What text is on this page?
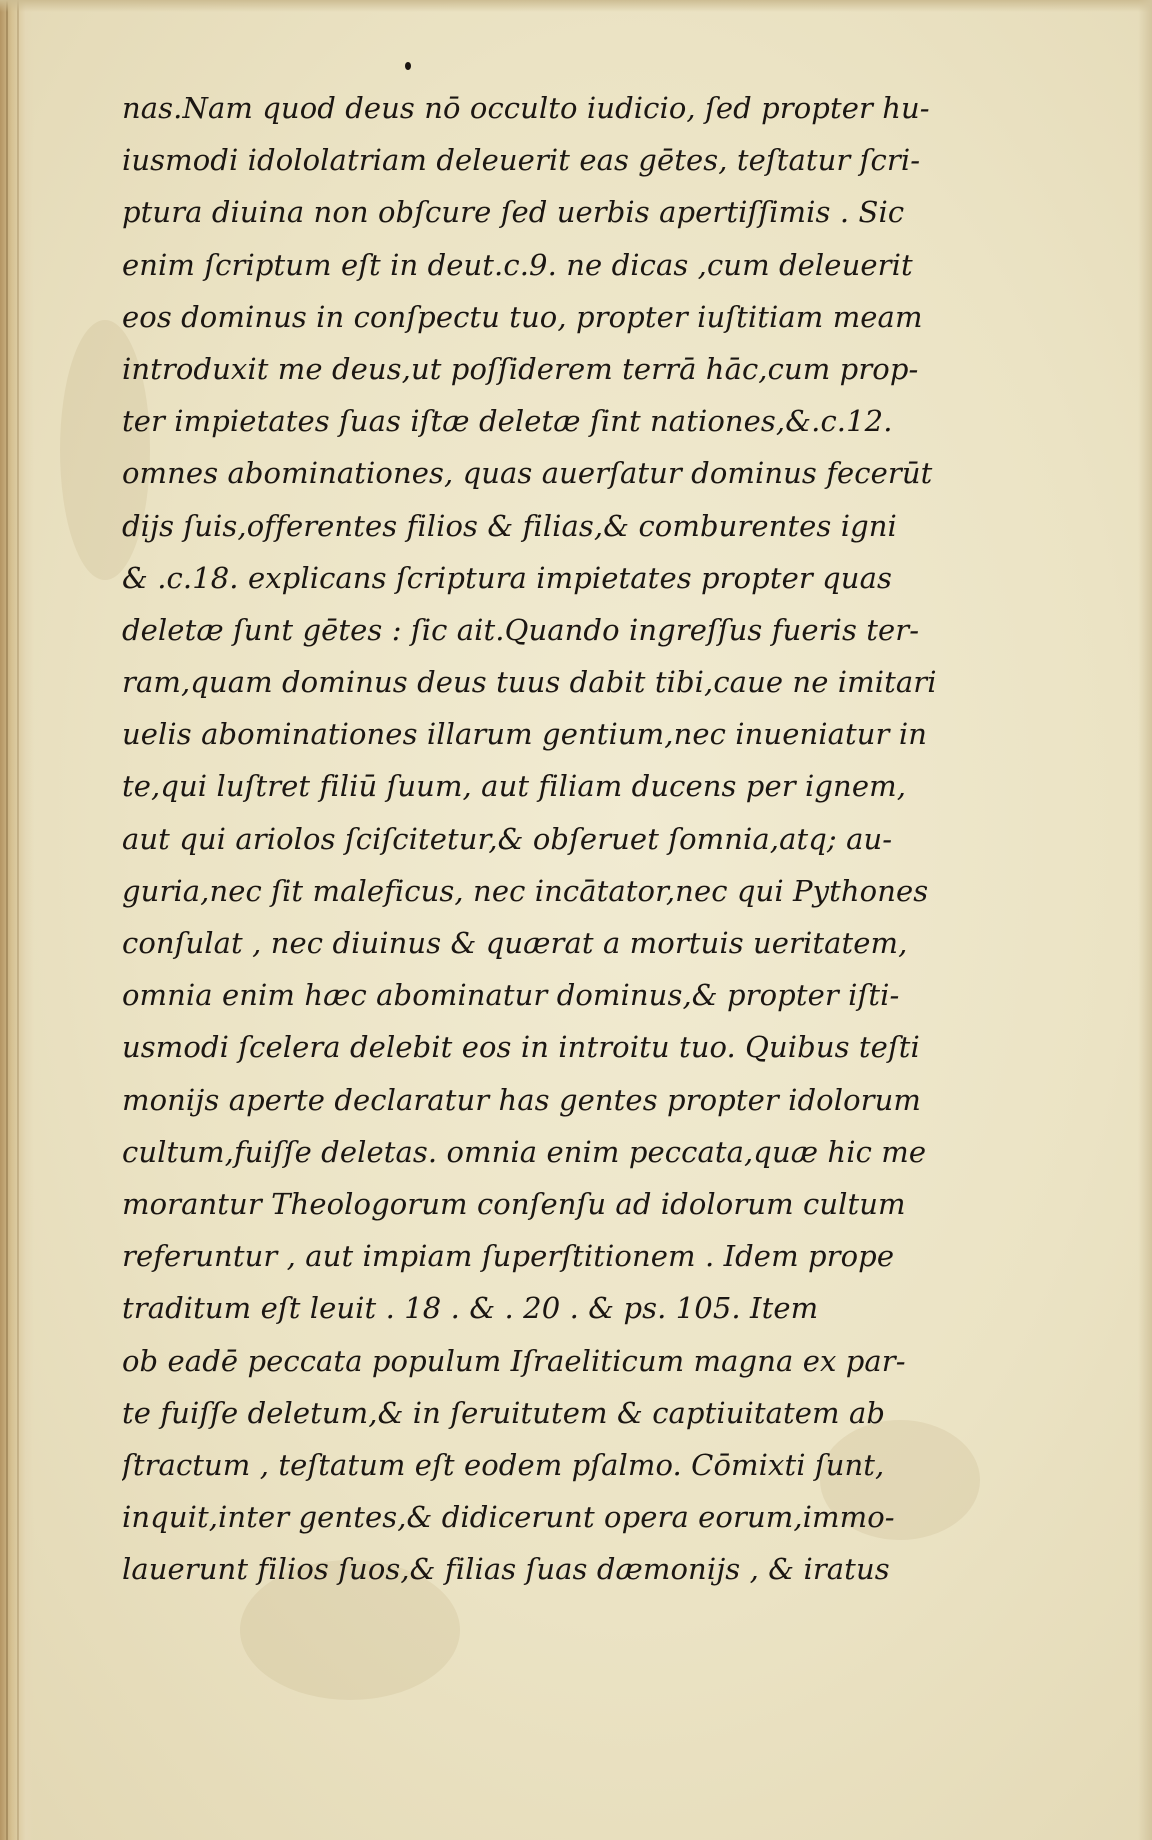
nas.Nam quod deus nō occulto iudicio, ſed propter hu-
iusmodi idololatriam deleuerit eas gētes, teſtatur ſcri-
ptura diuina non obſcure ſed uerbis apertiſſimis . Sic
enim ſcriptum eſt in deut.c.9. ne dicas ,cum deleuerit
eos dominus in conſpectu tuo, propter iuſtitiam meam
introduxit me deus,ut poſſiderem terrā hāc,cum prop-
ter impietates ſuas iſtæ deletæ ſint nationes,&.c.12.
omnes abominationes, quas auerſatur dominus fecerūt
dijs ſuis,offerentes filios & filias,& comburentes igni
& .c.18. explicans ſcriptura impietates propter quas
deletæ ſunt gētes : ſic ait.Quando ingreſſus fueris ter-
ram,quam dominus deus tuus dabit tibi,caue ne imitari
uelis abominationes illarum gentium,nec inueniatur in
te,qui luſtret filiū ſuum, aut filiam ducens per ignem,
aut qui ariolos ſciſcitetur,& obſeruet ſomnia,atq; au-
guria,nec ſit maleficus, nec incātator,nec qui Pythones
conſulat , nec diuinus & quærat a mortuis ueritatem,
omnia enim hæc abominatur dominus,& propter iſti-
usmodi ſcelera delebit eos in introitu tuo. Quibus teſti
monijs aperte declaratur has gentes propter idolorum
cultum,fuiſſe deletas. omnia enim peccata,quæ hic me
morantur Theologorum conſenſu ad idolorum cultum
referuntur , aut impiam ſuperſtitionem . Idem prope
traditum eſt leuit . 18 . & . 20 . & ps. 105. Item
ob eadē peccata populum Iſraeliticum magna ex par-
te fuiſſe deletum,& in ſeruitutem & captiuitatem ab
ſtractum , teſtatum eſt eodem pſalmo. Cōmixti ſunt,
inquit,inter gentes,& didicerunt opera eorum,immo-
lauerunt filios ſuos,& filias ſuas dæmonijs , & iratus
